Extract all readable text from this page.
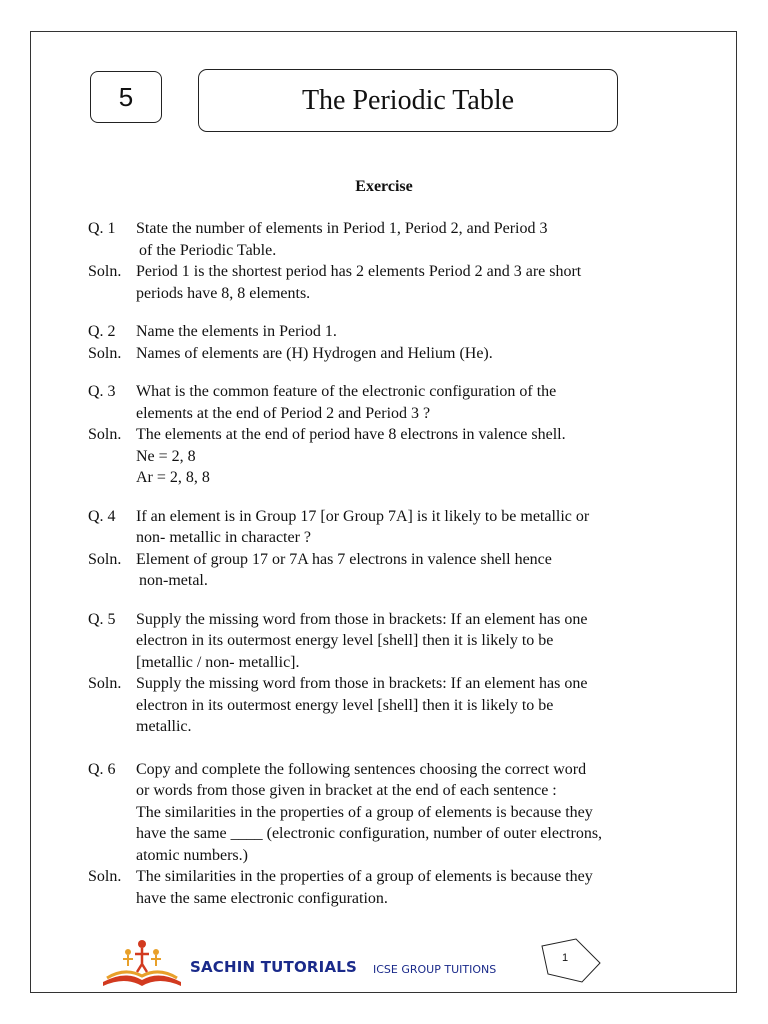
5	The Periodic Table
Exercise
Q. 1	State the number of elements in Period 1, Period 2, and Period 3
of the Periodic Table.
Soln. Period 1 is the shortest period has 2 elements Period 2 and 3 are short
periods have 8, 8 elements.
Q. 2	Name the elements in Period 1.
Soln. Names of elements are (H) Hydrogen and Helium (He).
Q. 3	What is the common feature of the electronic configuration of the
elements at the end of Period 2 and Period 3 ?
Soln. The elements at the end of period have 8 electrons in valence shell.
Ne = 2, 8
Ar = 2, 8, 8
Q. 4	If an element is in Group 17 [or Group 7A] is it likely to be metallic or
non- metallic in character ?
Soln. Element of group 17 or 7A has 7 electrons in valence shell hence
non-metal.
Q. 5	Supply the missing word from those in brackets: If an element has one
electron in its outermost energy level [shell] then it is likely to be
[metallic / non- metallic].
Soln. Supply the missing word from those in brackets: If an element has one
electron in its outermost energy level [shell] then it is likely to be
metallic.
Q. 6	Copy and complete the following sentences choosing the correct word
or words from those given in bracket at the end of each sentence :
The similarities in the properties of a group of elements is because they
have the same ____ (electronic configuration, number of outer electrons,
atomic numbers.)
Soln. The similarities in the properties of a group of elements is because they
have the same electronic configuration.
SACHIN TUTORIALS ICSE GROUP TUITIONS
1
